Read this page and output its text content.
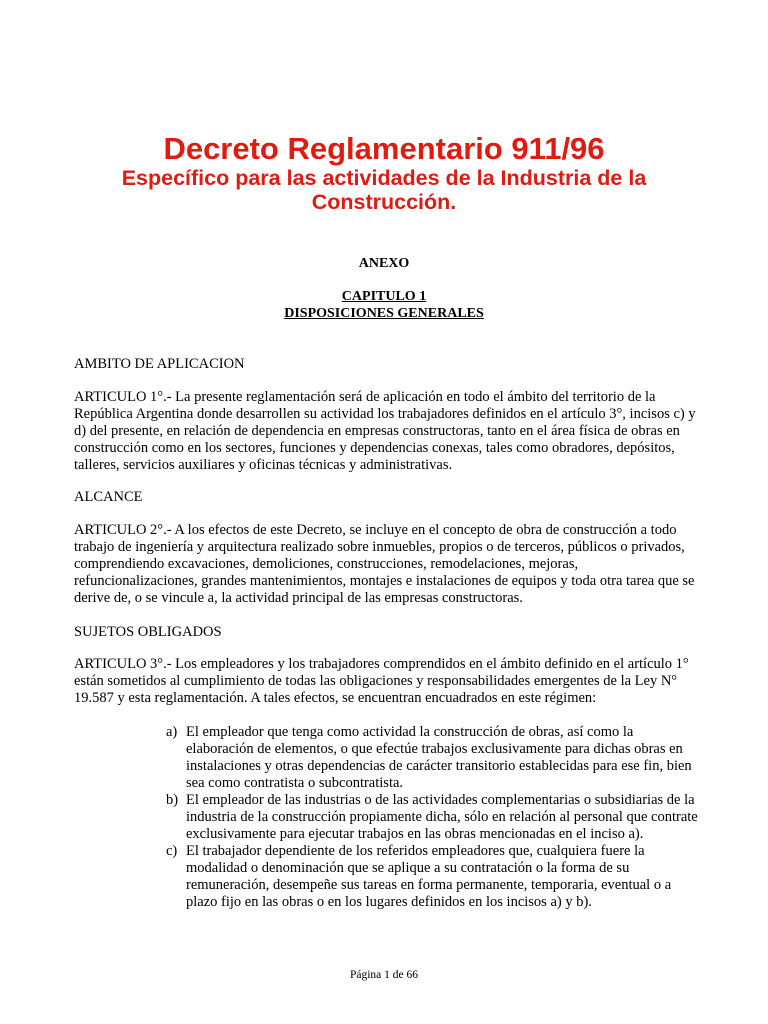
Decreto Reglamentario 911/96
Específico para las actividades de la Industria de la Construcción.

ANEXO

CAPITULO 1

DISPOSICIONES GENERALES

AMBITO DE APLICACION

ARTICULO 1°.- La presente reglamentación será de aplicación en todo el ámbito del territorio de la República Argentina donde desarrollen su actividad los trabajadores definidos en el artículo 3°, incisos c) y d) del presente, en relación de dependencia en empresas constructoras, tanto en el área física de obras en construcción como en los sectores, funciones y dependencias conexas, tales como obradores, depósitos, talleres, servicios auxiliares y oficinas técnicas y administrativas.

ALCANCE

ARTICULO 2°.- A los efectos de este Decreto, se incluye en el concepto de obra de construcción a todo trabajo de ingeniería y arquitectura realizado sobre inmuebles, propios o de terceros, públicos o privados, comprendiendo excavaciones, demoliciones, construcciones, remodelaciones, mejoras, refuncionalizaciones, grandes mantenimientos, montajes e instalaciones de equipos y toda otra tarea que se derive de, o se vincule a, la actividad principal de las empresas constructoras.

SUJETOS OBLIGADOS

ARTICULO 3°.- Los empleadores y los trabajadores comprendidos en el ámbito definido en el artículo 1° están sometidos al cumplimiento de todas las obligaciones y responsabilidades emergentes de la Ley N° 19.587 y esta reglamentación. A tales efectos, se encuentran encuadrados en este régimen:

a) El empleador que tenga como actividad la construcción de obras, así como la elaboración de elementos, o que efectúe trabajos exclusivamente para dichas obras en instalaciones y otras dependencias de carácter transitorio establecidas para ese fin, bien sea como contratista o subcontratista.
b) El empleador de las industrias o de las actividades complementarias o subsidiarias de la industria de la construcción propiamente dicha, sólo en relación al personal que contrate exclusivamente para ejecutar trabajos en las obras mencionadas en el inciso a).
c) El trabajador dependiente de los referidos empleadores que, cualquiera fuere la modalidad o denominación que se aplique a su contratación o la forma de su remuneración, desempeñe sus tareas en forma permanente, temporaria, eventual o a plazo fijo en las obras o en los lugares definidos en los incisos a) y b).

Página 1 de 66
